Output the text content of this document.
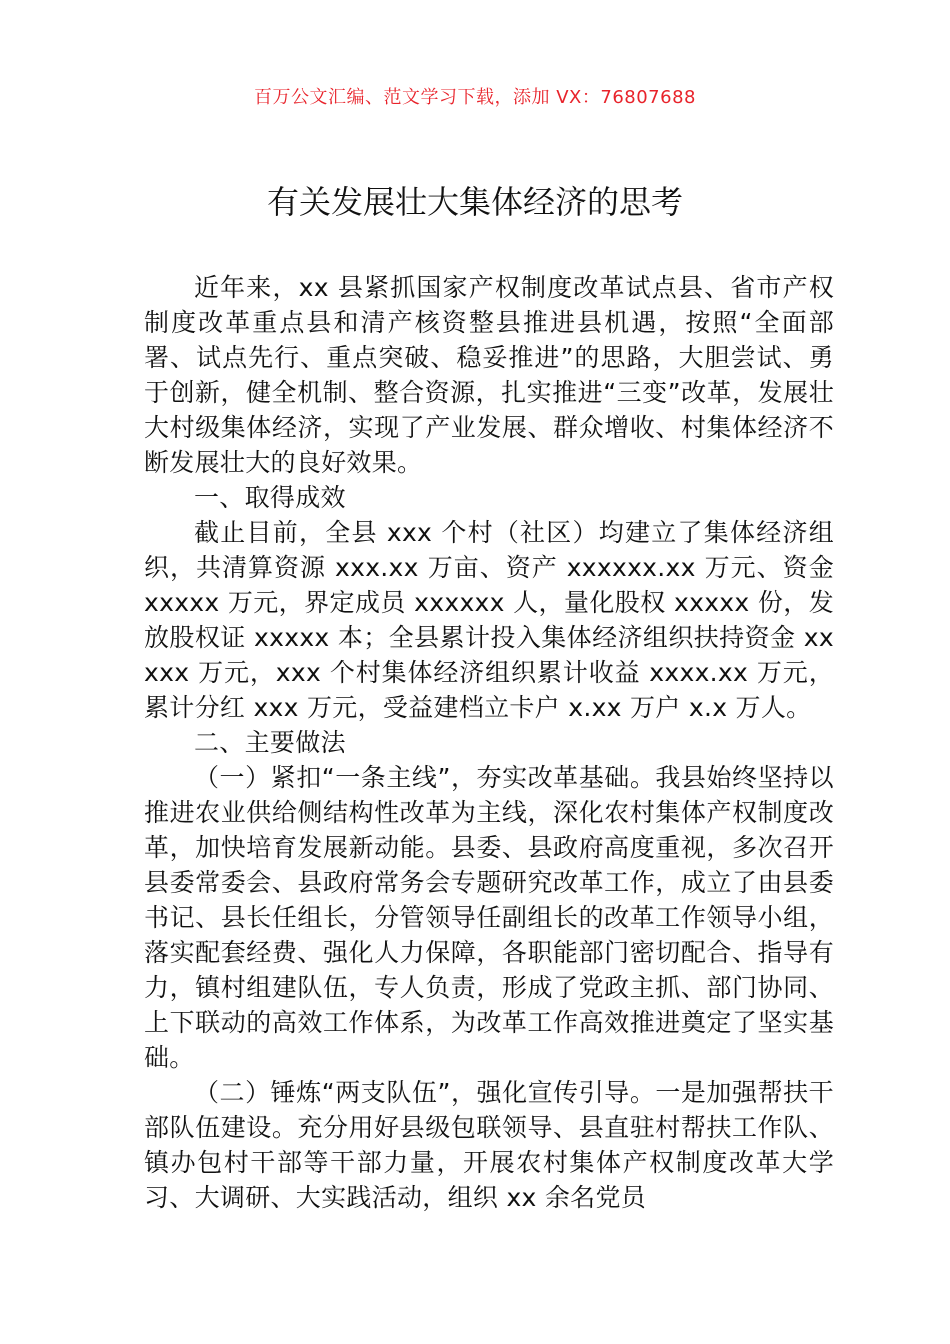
百万公文汇编、范文学习下载，添加 VX：76807688
有关发展壮大集体经济的思考

近年来，xx 县紧抓国家产权制度改革试点县、省市产权制度改革重点县和清产核资整县推进县机遇，按照“全面部署、试点先行、重点突破、稳妥推进”的思路，大胆尝试、勇于创新，健全机制、整合资源，扎实推进“三变”改革，发展壮大村级集体经济，实现了产业发展、群众增收、村集体经济不断发展壮大的良好效果。

一、取得成效

截止目前，全县 xxx 个村（社区）均建立了集体经济组织，共清算资源 xxx.xx 万亩、资产 xxxxxx.xx 万元、资金 xxxxx 万元，界定成员 xxxxxx 人，量化股权 xxxxx 份，发放股权证 xxxxx 本；全县累计投入集体经济组织扶持资金 xxxxx 万元，xxx 个村集体经济组织累计收益 xxxx.xx 万元，累计分红 xxx 万元，受益建档立卡户 x.xx 万户 x.x 万人。

二、主要做法

（一）紧扣“一条主线”，夯实改革基础。我县始终坚持以推进农业供给侧结构性改革为主线，深化农村集体产权制度改革，加快培育发展新动能。县委、县政府高度重视，多次召开县委常委会、县政府常务会专题研究改革工作，成立了由县委书记、县长任组长，分管领导任副组长的改革工作领导小组，落实配套经费、强化人力保障，各职能部门密切配合、指导有力，镇村组建队伍，专人负责，形成了党政主抓、部门协同、上下联动的高效工作体系，为改革工作高效推进奠定了坚实基础。

（二）锤炼“两支队伍”，强化宣传引导。一是加强帮扶干部队伍建设。充分用好县级包联领导、县直驻村帮扶工作队、镇办包村干部等干部力量，开展农村集体产权制度改革大学习、大调研、大实践活动，组织 xx 余名党员
